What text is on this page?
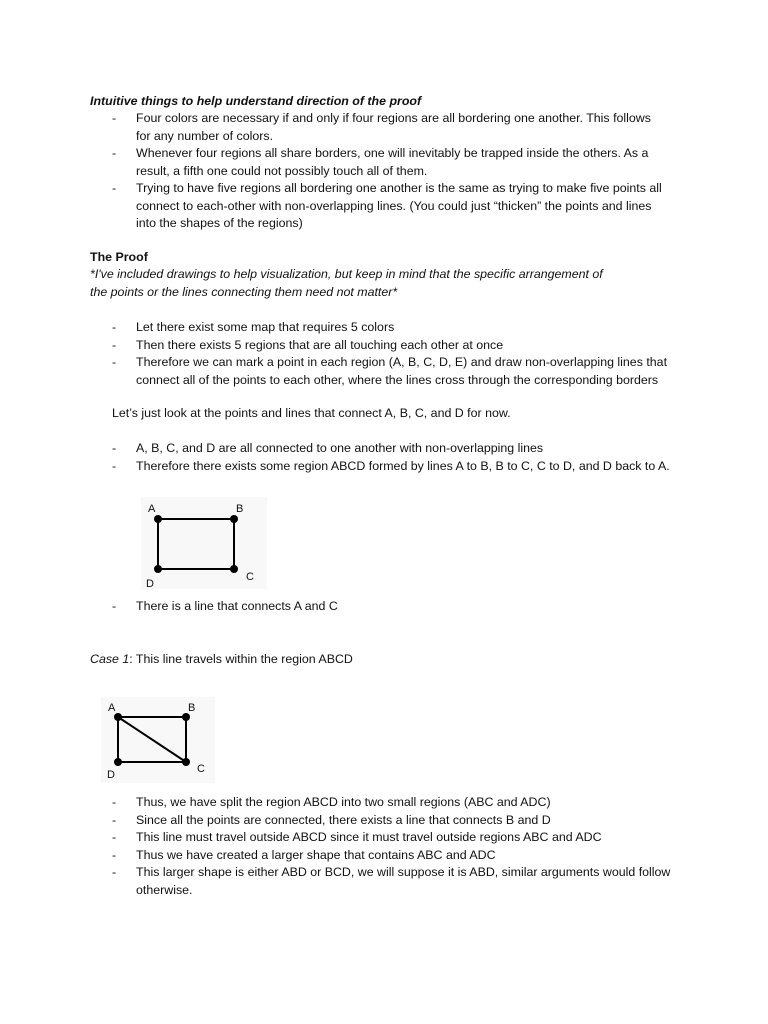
Intuitive things to help understand direction of the proof
- Four colors are necessary if and only if four regions are all bordering one another. This follows for any number of colors.
- Whenever four regions all share borders, one will inevitably be trapped inside the others. As a result, a fifth one could not possibly touch all of them.
- Trying to have five regions all bordering one another is the same as trying to make five points all connect to each-other with non-overlapping lines. (You could just “thicken” the points and lines into the shapes of the regions)
The Proof
*I've included drawings to help visualization, but keep in mind that the specific arrangement of
the points or the lines connecting them need not matter*
- Let there exist some map that requires 5 colors
- Then there exists 5 regions that are all touching each other at once
- Therefore we can mark a point in each region (A, B, C, D, E) and draw non-overlapping lines that connect all of the points to each other, where the lines cross through the corresponding borders
Let’s just look at the points and lines that connect A, B, C, and D for now.
- A, B, C, and D are all connected to one another with non-overlapping lines
- Therefore there exists some region ABCD formed by lines A to B, B to C, C to D, and D back to A.
A	B
C
D
- There is a line that connects A and C
Case 1: This line travels within the region ABCD
A	B
C
D
- Thus, we have split the region ABCD into two small regions (ABC and ADC)
- Since all the points are connected, there exists a line that connects B and D
- This line must travel outside ABCD since it must travel outside regions ABC and ADC
- Thus we have created a larger shape that contains ABC and ADC
- This larger shape is either ABD or BCD, we will suppose it is ABD, similar arguments would follow otherwise.
